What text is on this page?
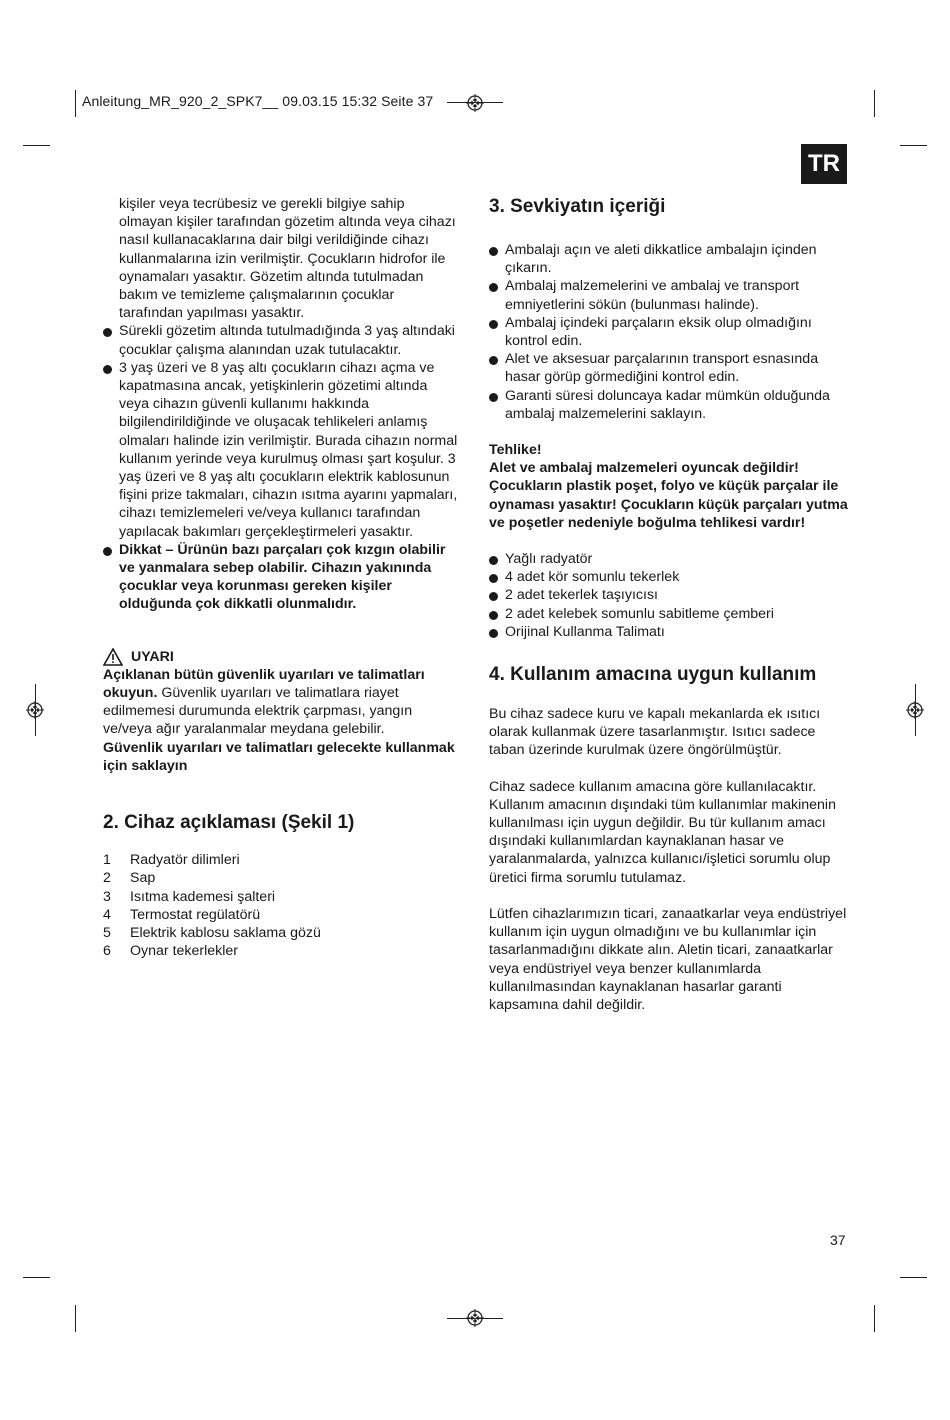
Anleitung_MR_920_2_SPK7__ 09.03.15 15:32 Seite 37
TR

kişiler veya tecrübesiz ve gerekli bilgiye sahip olmayan kişiler tarafından gözetim altında veya cihazı nasıl kullanacaklarına dair bilgi verildiğinde cihazı kullanmalarına izin verilmiştir. Çocukların hidrofor ile oynamaları yasaktır. Gözetim altında tutulmadan bakım ve temizleme çalışmalarının çocuklar tarafından yapılması yasaktır.

Sürekli gözetim altında tutulmadığında 3 yaş altındaki çocuklar çalışma alanından uzak tutulacaktır.

3 yaş üzeri ve 8 yaş altı çocukların cihazı açma ve kapatmasına ancak, yetişkinlerin gözetimi altında veya cihazın güvenli kullanımı hakkında bilgilendirildiğinde ve oluşacak tehlikeleri anlamış olmaları halinde izin verilmiştir. Burada cihazın normal kullanım yerinde veya kurulmuş olması şart koşulur. 3 yaş üzeri ve 8 yaş altı çocukların elektrik kablosunun fişini prize takmaları, cihazın ısıtma ayarını yapmaları, cihazı temizlemeleri ve/veya kullanıcı tarafından yapılacak bakımları gerçekleştirmeleri yasaktır.

Dikkat – Ürünün bazı parçaları çok kızgın olabilir ve yanmalara sebep olabilir. Cihazın yakınında çocuklar veya korunması gereken kişiler olduğunda çok dikkatli olunmalıdır.

UYARI

Açıklanan bütün güvenlik uyarıları ve talimatları okuyun. Güvenlik uyarıları ve talimatlara riayet edilmemesi durumunda elektrik çarpması, yangın ve/veya ağır yaralanmalar meydana gelebilir.

Güvenlik uyarıları ve talimatları gelecekte kullanmak için saklayın

2. Cihaz açıklaması (Şekil 1)
1	Radyatör dilimleri
2	Sap
3	Isıtma kademesi şalteri
4	Termostat regülatörü
5	Elektrik kablosu saklama gözü
6	Oynar tekerlekler
3. Sevkiyatın içeriği

Ambalajı açın ve aleti dikkatlice ambalajın içinden çıkarın.

Ambalaj malzemelerini ve ambalaj ve transport emniyetlerini sökün (bulunması halinde).

Ambalaj içindeki parçaların eksik olup olmadığını kontrol edin.

Alet ve aksesuar parçalarının transport esnasında hasar görüp görmediğini kontrol edin.

Garanti süresi doluncaya kadar mümkün olduğunda ambalaj malzemelerini saklayın.

Tehlike!

Alet ve ambalaj malzemeleri oyuncak değildir! Çocukların plastik poşet, folyo ve küçük parçalar ile oynaması yasaktır! Çocukların küçük parçaları yutma ve poşetler nedeniyle boğulma tehlikesi vardır!

Yağlı radyatör

4 adet kör somunlu tekerlek

2 adet tekerlek taşıyıcısı

2 adet kelebek somunlu sabitleme çemberi

Orijinal Kullanma Talimatı

4. Kullanım amacına uygun kullanım

Bu cihaz sadece kuru ve kapalı mekanlarda ek ısıtıcı olarak kullanmak üzere tasarlanmıştır. Isıtıcı sadece taban üzerinde kurulmak üzere öngörülmüştür.

Cihaz sadece kullanım amacına göre kullanılacaktır. Kullanım amacının dışındaki tüm kullanımlar makinenin kullanılması için uygun değildir. Bu tür kullanım amacı dışındaki kullanımlardan kaynaklanan hasar ve yaralanmalarda, yalnızca kullanıcı/işletici sorumlu olup üretici firma sorumlu tutulamaz.

Lütfen cihazlarımızın ticari, zanaatkarlar veya endüstriyel kullanım için uygun olmadığını ve bu kullanımlar için tasarlanmadığını dikkate alın. Aletin ticari, zanaatkarlar veya endüstriyel veya benzer kullanımlarda kullanılmasından kaynaklanan hasarlar garanti kapsamına dahil değildir.

37
